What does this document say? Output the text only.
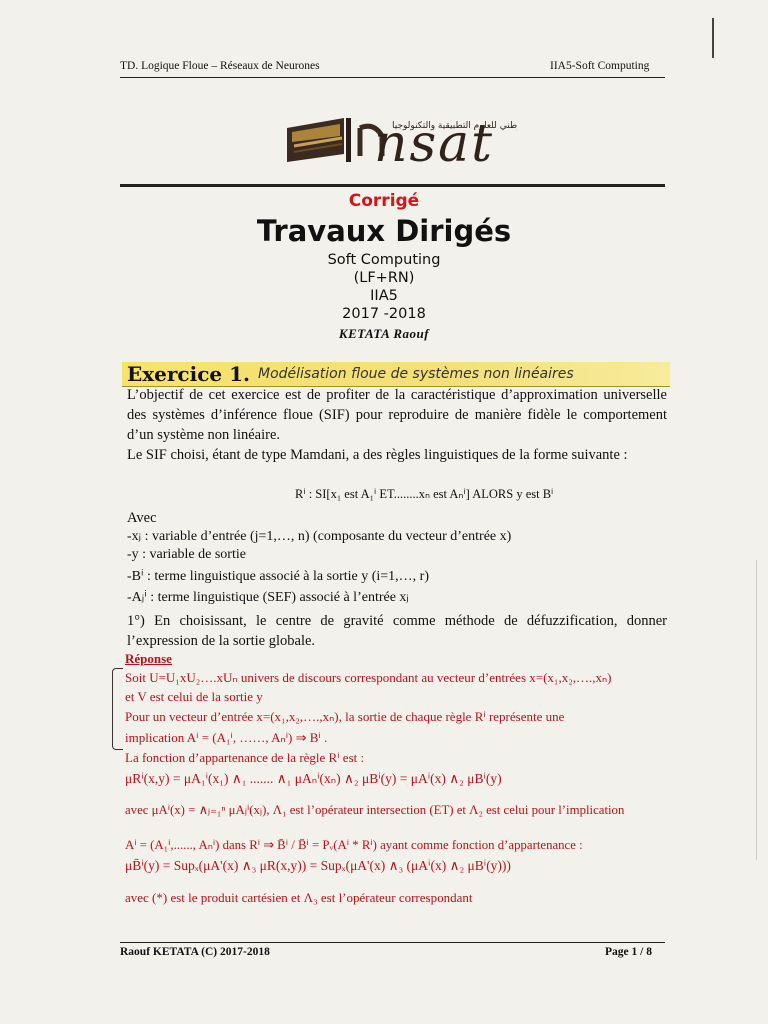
TD. Logique Floue – Réseaux de Neurones	IIA5-Soft Computing
طني للعلوم التطبيقية والتكنولوجيا
nsat
Corrigé
Travaux Dirigés
Soft Computing
(LF+RN)
IIA5
2017 -2018
KETATA Raouf
Exercice 1. Modélisation floue de systèmes non linéaires
L’objectif de cet exercice est de profiter de la caractéristique d’approximation universelle des systèmes d’inférence floue (SIF) pour reproduire de manière fidèle le comportement d’un système non linéaire.
Le SIF choisi, étant de type Mamdani, a des règles linguistiques de la forme suivante :
Rⁱ : SI[x₁ est A₁ⁱ ET........xₙ est Aₙⁱ] ALORS y est Bⁱ
Avec
-xⱼ : variable d’entrée (j=1,…, n) (composante du vecteur d’entrée x)
-y : variable de sortie
-Bⁱ : terme linguistique associé à la sortie y (i=1,…, r)
-Aⱼⁱ : terme linguistique (SEF) associé à l’entrée xⱼ
1°) En choisissant, le centre de gravité comme méthode de défuzzification, donner l’expression de la sortie globale.
Réponse
Soit U=U₁xU₂….xUₙ univers de discours correspondant au vecteur d’entrées x=(x₁,x₂,….,xₙ)
et V est celui de la sortie y
Pour un vecteur d’entrée x=(x₁,x₂,….,xₙ), la sortie de chaque règle Rⁱ représente une
implication Aⁱ = (A₁ⁱ, ……, Aₙⁱ) ⇒ Bⁱ .
La fonction d’appartenance de la règle Rⁱ est :
μRⁱ(x,y) = μA₁ⁱ(x₁) ∧₁ ....... ∧₁ μAₙⁱ(xₙ) ∧₂ μBⁱ(y) = μAⁱ(x) ∧₂ μBⁱ(y)
avec μAⁱ(x) = ∧ⱼ₌₁ⁿ μAⱼⁱ(xⱼ), Λ₁ est l’opérateur intersection (ET) et Λ₂ est celui pour l’implication
Aⁱ = (A₁ⁱ,......, Aₙⁱ) dans Rⁱ ⇒ B̄ⁱ / B̄ⁱ = Pᵥ(Aⁱ * Rⁱ) ayant comme fonction d’appartenance :
μB̄ⁱ(y) = Supₓ(μA'(x) ∧₃ μR(x,y)) = Supₓ(μA'(x) ∧₃ (μAⁱ(x) ∧₂ μBⁱ(y)))
avec (*) est le produit cartésien et Λ₃ est l’opérateur correspondant
Raouf KETATA (C) 2017-2018	Page 1 / 8
